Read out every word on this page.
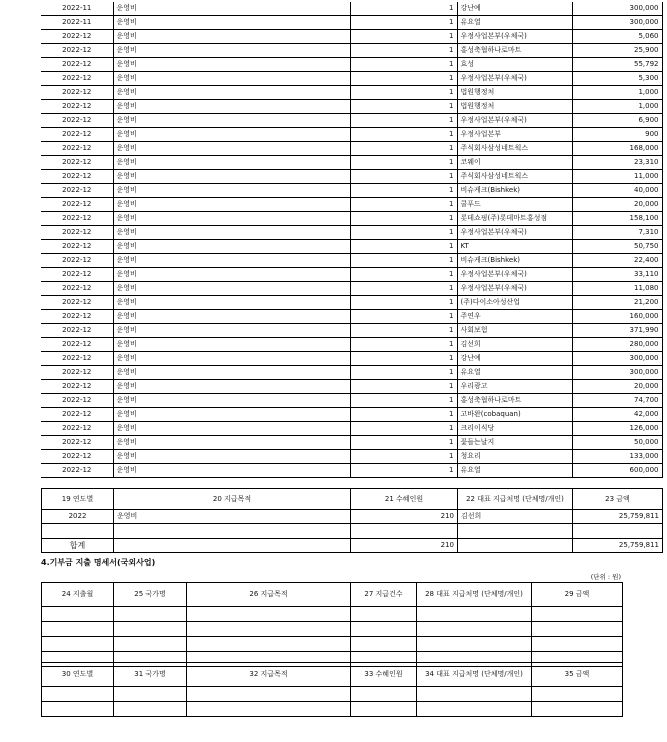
2022-11	운영비	1	강난예	300,000
2022-11	운영비	1	유요열	300,000
2022-12	운영비	1	우정사업본부(우체국)	5,060
2022-12	운영비	1	홍성축협하나로마트	25,900
2022-12	운영비	1	효성	55,792
2022-12	운영비	1	우정사업본부(우체국)	5,300
2022-12	운영비	1	법원행정처	1,000
2022-12	운영비	1	법원행정처	1,000
2022-12	운영비	1	우정사업본부(우체국)	6,900
2022-12	운영비	1	우정사업본부	900
2022-12	운영비	1	주식회사삼성네트웍스	168,000
2022-12	운영비	1	코웨이	23,310
2022-12	운영비	1	주식회사삼성네트웍스	11,000
2022-12	운영비	1	비슈케크(Bishkek)	40,000
2022-12	운영비	1	쿨푸드	20,000
2022-12	운영비	1	롯데쇼핑(주)롯데마트홍성점	158,100
2022-12	운영비	1	우정사업본부(우체국)	7,310
2022-12	운영비	1	KT	50,750
2022-12	운영비	1	비슈케크(Bishkek)	22,400
2022-12	운영비	1	우정사업본부(우체국)	33,110
2022-12	운영비	1	우정사업본부(우체국)	11,080
2022-12	운영비	1	(주)다이소아성산업	21,200
2022-12	운영비	1	주연우	160,000
2022-12	운영비	1	사회보험	371,990
2022-12	운영비	1	김선희	280,000
2022-12	운영비	1	강난예	300,000
2022-12	운영비	1	유요열	300,000
2022-12	운영비	1	우리광고	20,000
2022-12	운영비	1	홍성축협하나로마트	74,700
2022-12	운영비	1	고바완(cobaquan)	42,000
2022-12	운영비	1	크리이식당	126,000
2022-12	운영비	1	꽃들는날지	50,000
2022-12	운영비	1	청요리	133,000
2022-12	운영비	1	유요열	600,000
19 연도별	20 지급목적	21 수혜인원	22 대표 지급처명 (단체명/개인)	23 금액
2022	운영비	210	김선희	25,759,811

합계		210		25,759,811
4.기부금 지출 명세서(국외사업)
(단위 : 원)
24 지출월	25 국가명	26 지급목적	27 지급건수	28 대표 지급처명 (단체명/개인)	29 금액

30 연도별	31 국가명	32 지급목적	33 수혜인원	34 대표 지급처명 (단체명/개인)	35 금액
